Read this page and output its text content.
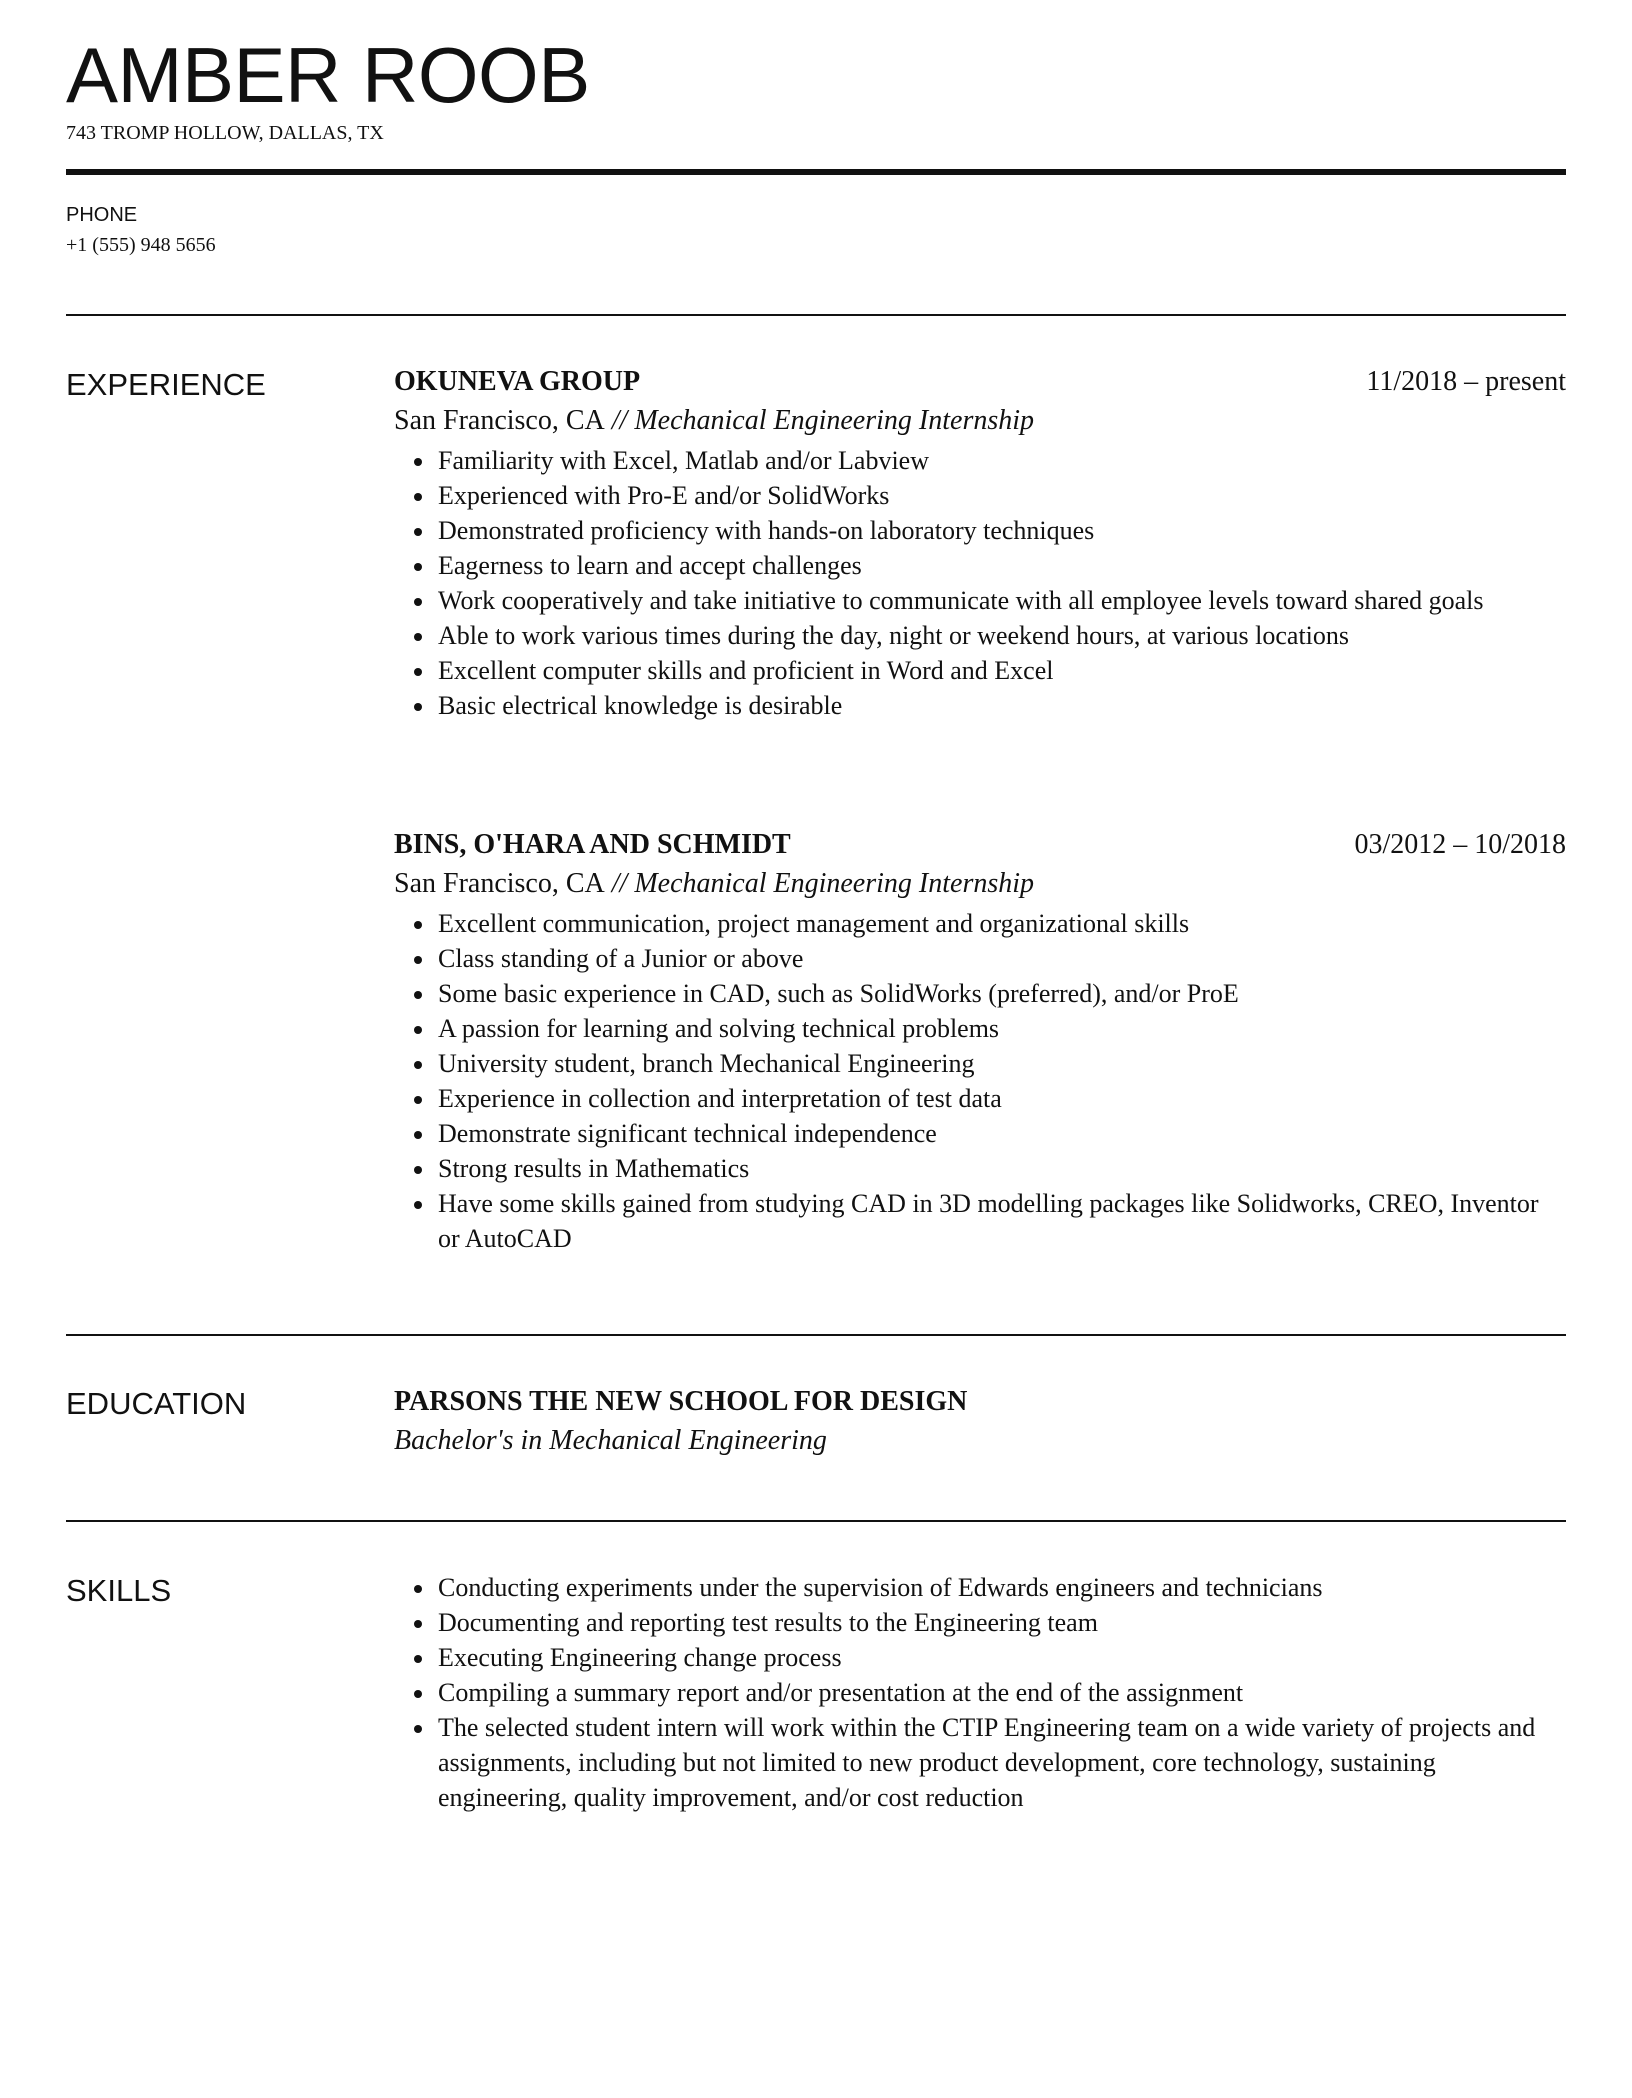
AMBER ROOB
743 TROMP HOLLOW, DALLAS, TX
PHONE
+1 (555) 948 5656
EXPERIENCE	OKUNEVA GROUP	11/2018 – present
San Francisco, CA // Mechanical Engineering Internship
• Familiarity with Excel, Matlab and/or Labview
• Experienced with Pro-E and/or SolidWorks
• Demonstrated proficiency with hands-on laboratory techniques
• Eagerness to learn and accept challenges
• Work cooperatively and take initiative to communicate with all employee levels toward shared goals
• Able to work various times during the day, night or weekend hours, at various locations
• Excellent computer skills and proficient in Word and Excel
• Basic electrical knowledge is desirable
BINS, O'HARA AND SCHMIDT	03/2012 – 10/2018
San Francisco, CA // Mechanical Engineering Internship
• Excellent communication, project management and organizational skills
• Class standing of a Junior or above
• Some basic experience in CAD, such as SolidWorks (preferred), and/or ProE
• A passion for learning and solving technical problems
• University student, branch Mechanical Engineering
• Experience in collection and interpretation of test data
• Demonstrate significant technical independence
• Strong results in Mathematics
• Have some skills gained from studying CAD in 3D modelling packages like Solidworks, CREO, Inventor or AutoCAD
EDUCATION	PARSONS THE NEW SCHOOL FOR DESIGN
Bachelor's in Mechanical Engineering
SKILLS
•	Conducting experiments under the supervision of Edwards engineers and technicians
• Documenting and reporting test results to the Engineering team
• Executing Engineering change process
• Compiling a summary report and/or presentation at the end of the assignment
• The selected student intern will work within the CTIP Engineering team on a wide variety of projects and assignments, including but not limited to new product development, core technology, sustaining engineering, quality improvement, and/or cost reduction
